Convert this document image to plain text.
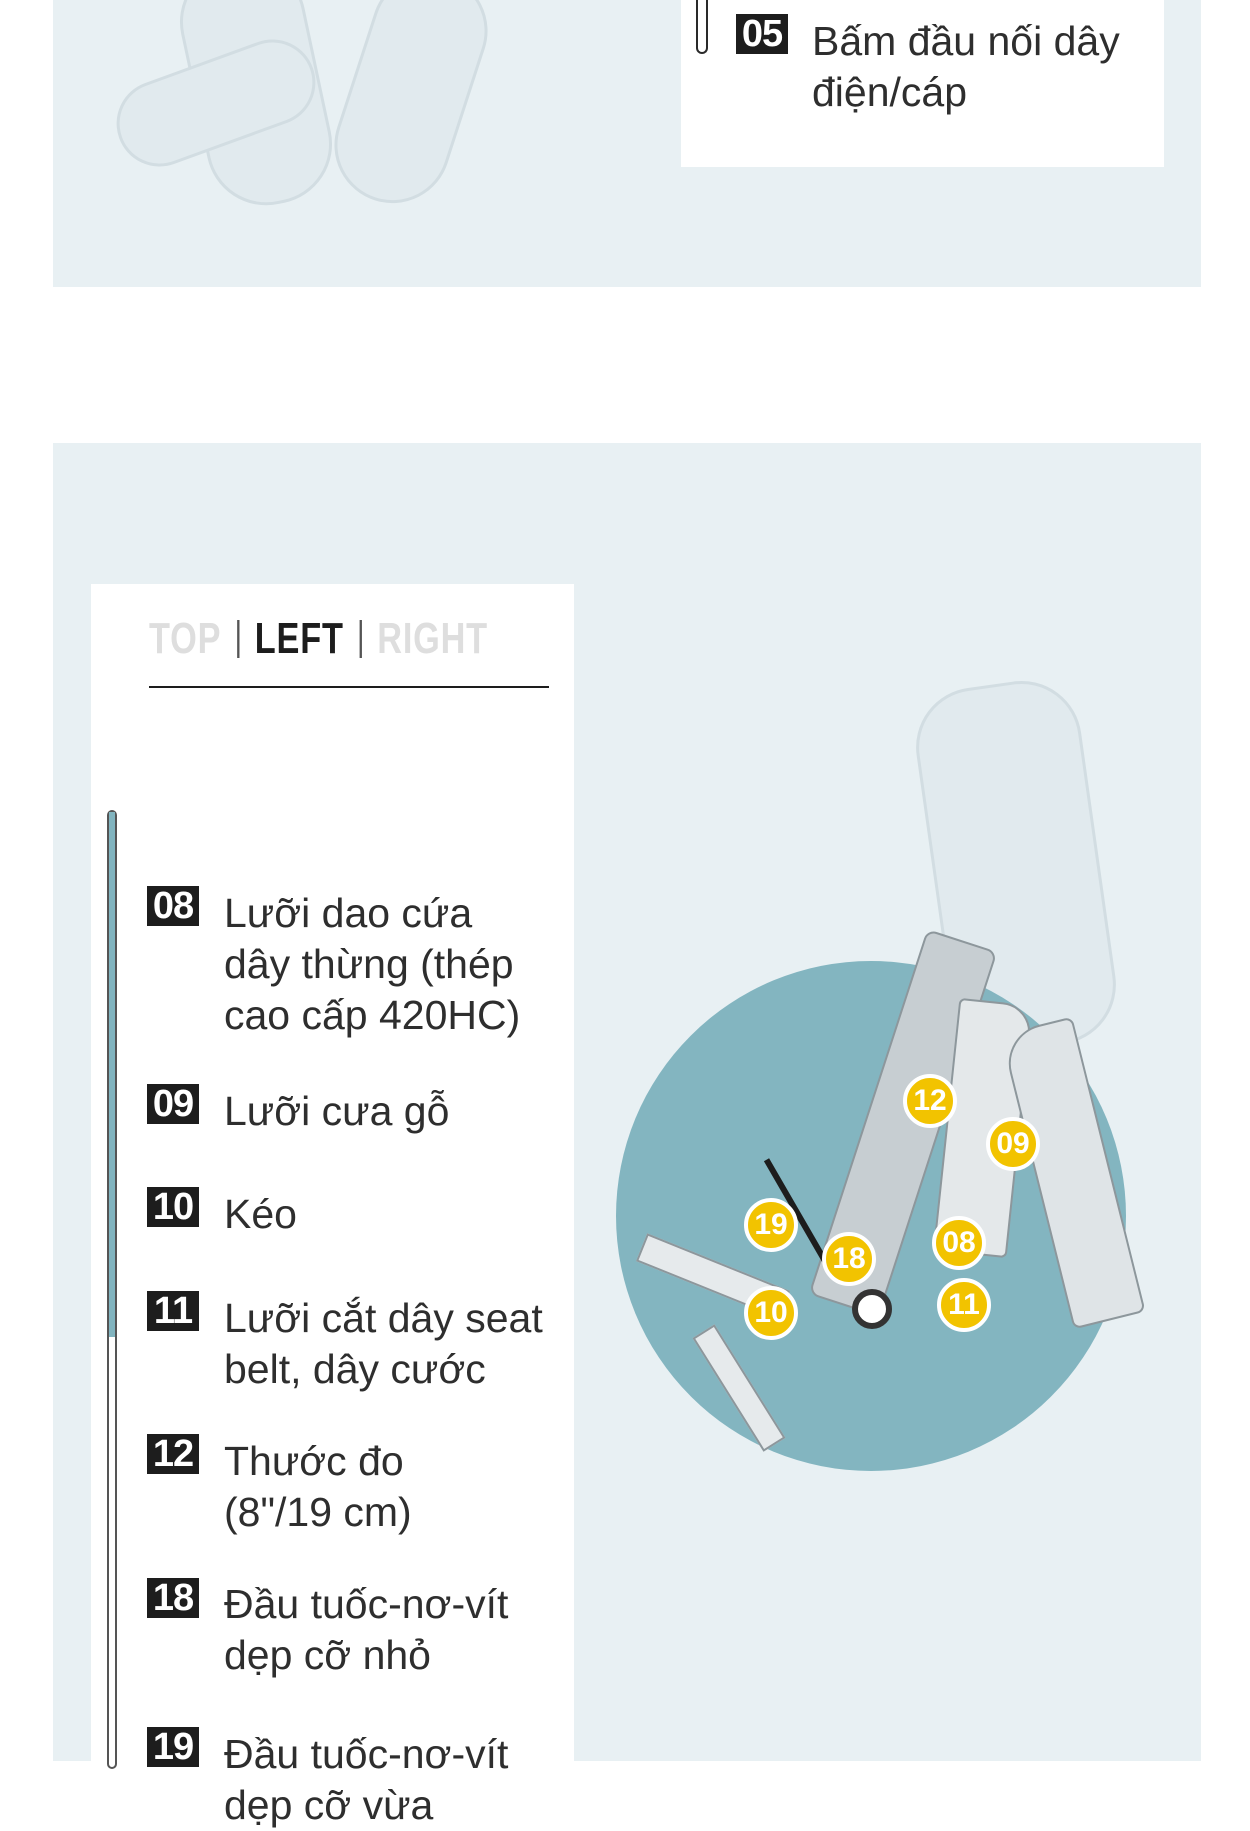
05 Bấm đầu nối dây
điện/cáp
TOP LEFT RIGHT
08 Lưỡi dao cứa
dây thừng (thép
cao cấp 420HC)
09 Lưỡi cưa gỗ
10 Kéo
11 Lưỡi cắt dây seat
belt, dây cước
12 Thước đo
(8"/19 cm)
18 Đầu tuốc-nơ-vít
dẹp cỡ nhỏ
19 Đầu tuốc-nơ-vít
dẹp cỡ vừa
12
09
19
18	08
10	11
